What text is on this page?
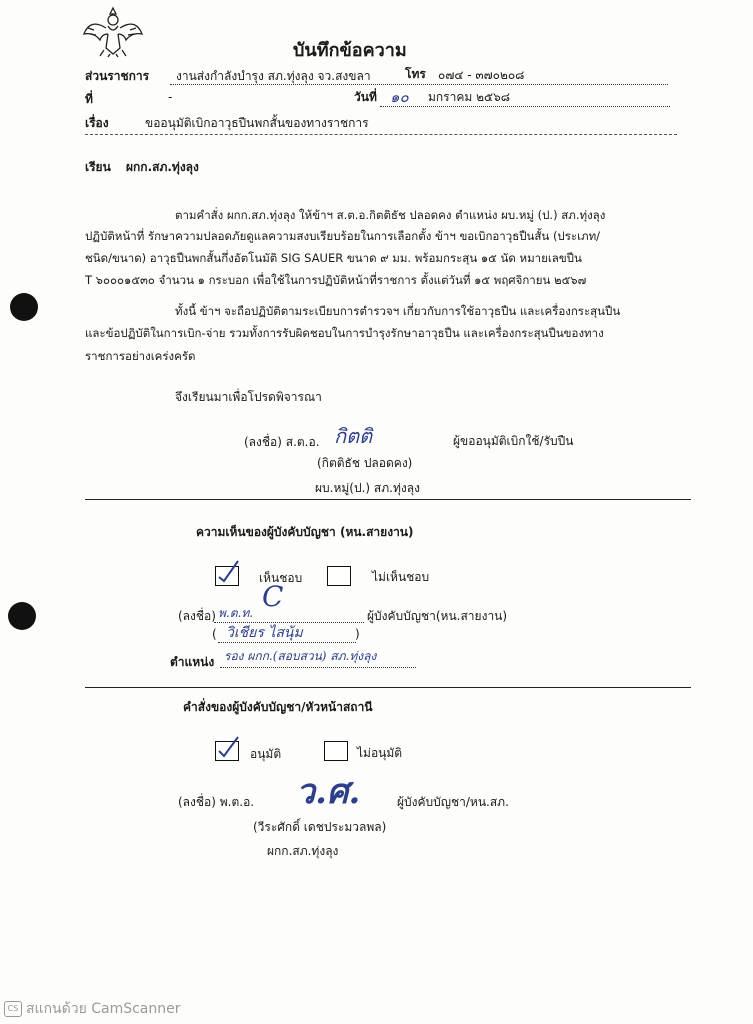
บันทึกข้อความ
ส่วนราชการ งานส่งกำลังบำรุง สภ.ทุ่งลุง จว.สงขลา	โทร ๐๗๔ - ๓๗๐๒๐๘
ที่	-	วันที่ ๑๐ มกราคม ๒๕๖๘
เรื่อง	ขออนุมัติเบิกอาวุธปืนพกสั้นของทางราชการ
เรียน ผกก.สภ.ทุ่งลุง
ตามคำสั่ง ผกก.สภ.ทุ่งลุง ให้ข้าฯ ส.ต.อ.กิตติธัช ปลอดคง ตำแหน่ง ผบ.หมู่ (ป.) สภ.ทุ่งลุง
ปฏิบัติหน้าที่ รักษาความปลอดภัยดูแลความสงบเรียบร้อยในการเลือกตั้ง ข้าฯ ขอเบิกอาวุธปืนสั้น (ประเภท/
ชนิด/ขนาด) อาวุธปืนพกสั้นกึ่งอัตโนมัติ SIG SAUER ขนาด ๙ มม. พร้อมกระสุน ๑๕ นัด หมายเลขปืน
T ๖๐๐๐๑๕๓๐ จำนวน ๑ กระบอก เพื่อใช้ในการปฏิบัติหน้าที่ราชการ ตั้งแต่วันที่ ๑๕ พฤศจิกายน ๒๕๖๗
ทั้งนี้ ข้าฯ จะถือปฏิบัติตามระเบียบการตำรวจฯ เกี่ยวกับการใช้อาวุธปืน และเครื่องกระสุนปืน
และข้อปฏิบัติในการเบิก-จ่าย รวมทั้งการรับผิดชอบในการบำรุงรักษาอาวุธปืน และเครื่องกระสุนปืนของทาง
ราชการอย่างเคร่งครัด
จึงเรียนมาเพื่อโปรดพิจารณา
(ลงชื่อ) ส.ต.อ. กิตติ	ผู้ขออนุมัติเบิกใช้/รับปืน
(กิตติธัช ปลอดคง)
ผบ.หมู่(ป.) สภ.ทุ่งลุง
ความเห็นของผู้บังคับบัญชา (หน.สายงาน)
เห็นชอบ	ไม่เห็นชอบ
(ลงชื่อ) พ.ต.ท. C
ผู้บังคับบัญชา(หน.สายงาน)
( วิเชียร ไสนุ้ม	)
ตำแหน่ง รอง ผกก.(สอบสวน) สภ.ทุ่งลุง
คำสั่งของผู้บังคับบัญชา/หัวหน้าสถานี
อนุมัติ	ไม่อนุมัติ
(ลงชื่อ) พ.ต.อ. ว.ศ.	ผู้บังคับบัญชา/หน.สภ.
(วีระศักดิ์ เดชประมวลพล)
ผกก.สภ.ทุ่งลุง
CS สแกนด้วย CamScanner
